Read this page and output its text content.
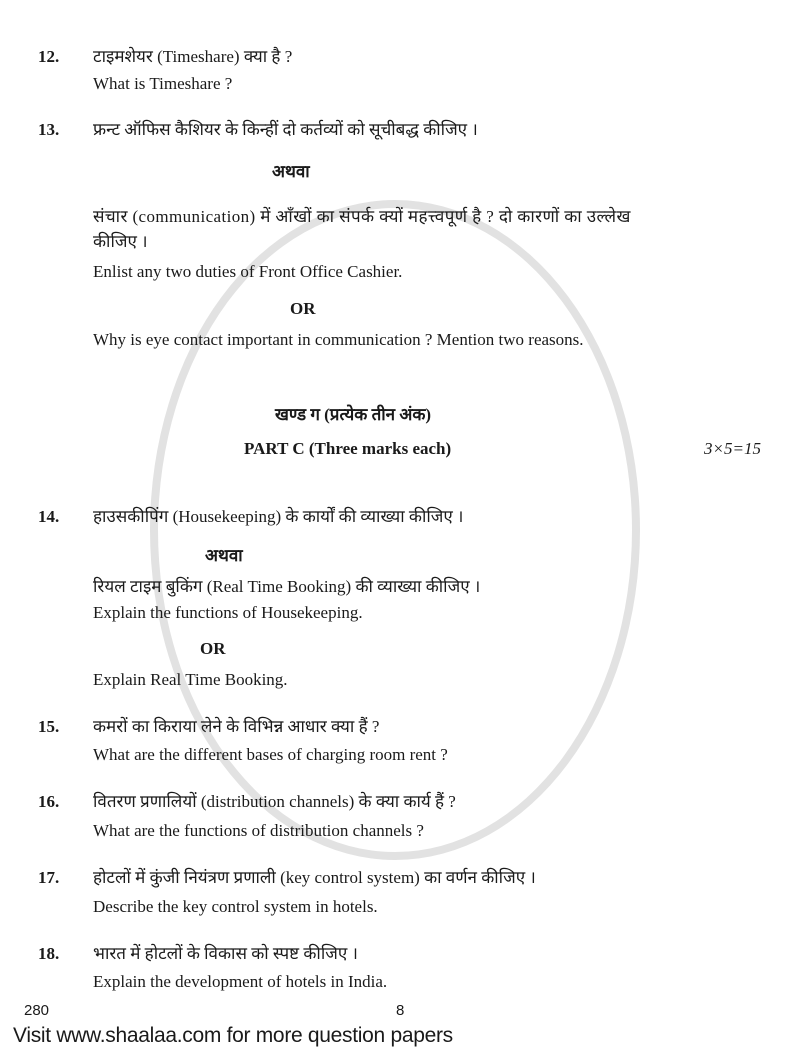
12. टाइमशेयर (Timeshare) क्या है ?
What is Timeshare ?
13. फ्रन्ट ऑफिस कैशियर के किन्हीं दो कर्तव्यों को सूचीबद्ध कीजिए ।
अथवा
संचार (communication) में आँखों का संपर्क क्यों महत्त्वपूर्ण है ? दो कारणों का उल्लेख
कीजिए ।
Enlist any two duties of Front Office Cashier.
OR
Why is eye contact important in communication ? Mention two reasons.
खण्ड ग (प्रत्येक तीन अंक)
PART C (Three marks each)	3×5=15
14. हाउसकीपिंग (Housekeeping) के कार्यों की व्याख्या कीजिए ।
अथवा
रियल टाइम बुकिंग (Real Time Booking) की व्याख्या कीजिए ।
Explain the functions of Housekeeping.
OR
Explain Real Time Booking.
15. कमरों का किराया लेने के विभिन्न आधार क्या हैं ?
What are the different bases of charging room rent ?
16. वितरण प्रणालियों (distribution channels) के क्या कार्य हैं ?
What are the functions of distribution channels ?
17. होटलों में कुंजी नियंत्रण प्रणाली (key control system) का वर्णन कीजिए ।
Describe the key control system in hotels.
18. भारत में होटलों के विकास को स्पष्ट कीजिए ।
Explain the development of hotels in India.
280	8
Visit www.shaalaa.com for more question papers
